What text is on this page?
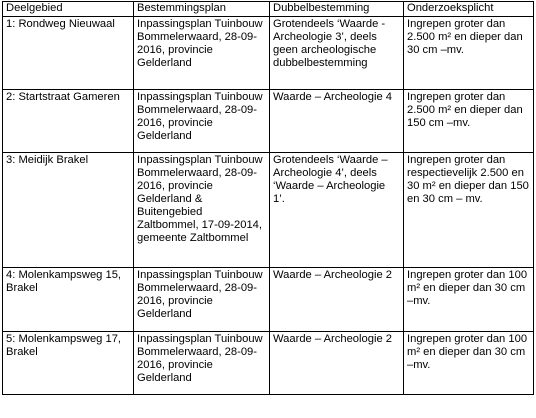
Deelgebied	Bestemmingsplan	Dubbelbestemming	Onderzoeksplicht
1: Rondweg Nieuwaal	Inpassingsplan Tuinbouw Bommelerwaard, 28-09-2016, provincie Gelderland	Grotendeels ‘Waarde -Archeologie 3’, deels geen archeologische dubbelbestemming	Ingrepen groter dan 2.500 m² en dieper dan 30 cm –mv.
2: Startstraat Gameren	Inpassingsplan Tuinbouw Bommelerwaard, 28-09-2016, provincie Gelderland	Waarde – Archeologie 4	Ingrepen groter dan 2.500 m² en dieper dan 150 cm –mv.
3: Meidijk Brakel	Inpassingsplan Tuinbouw Bommelerwaard, 28-09-2016, provincie Gelderland & Buitengebied Zaltbommel, 17-09-2014, gemeente Zaltbommel	Grotendeels ‘Waarde – Archeologie 4’, deels ‘Waarde – Archeologie 1’.	Ingrepen groter dan respectievelijk 2.500 en 30 m² en dieper dan 150 en 30 cm – mv.
4: Molenkampsweg 15, Brakel	Inpassingsplan Tuinbouw Bommelerwaard, 28-09-2016, provincie Gelderland	Waarde – Archeologie 2	Ingrepen groter dan 100 m² en dieper dan 30 cm –mv.
5: Molenkampsweg 17, Brakel	Inpassingsplan Tuinbouw Bommelerwaard, 28-09-2016, provincie Gelderland	Waarde – Archeologie 2	Ingrepen groter dan 100 m² en dieper dan 30 cm –mv.
